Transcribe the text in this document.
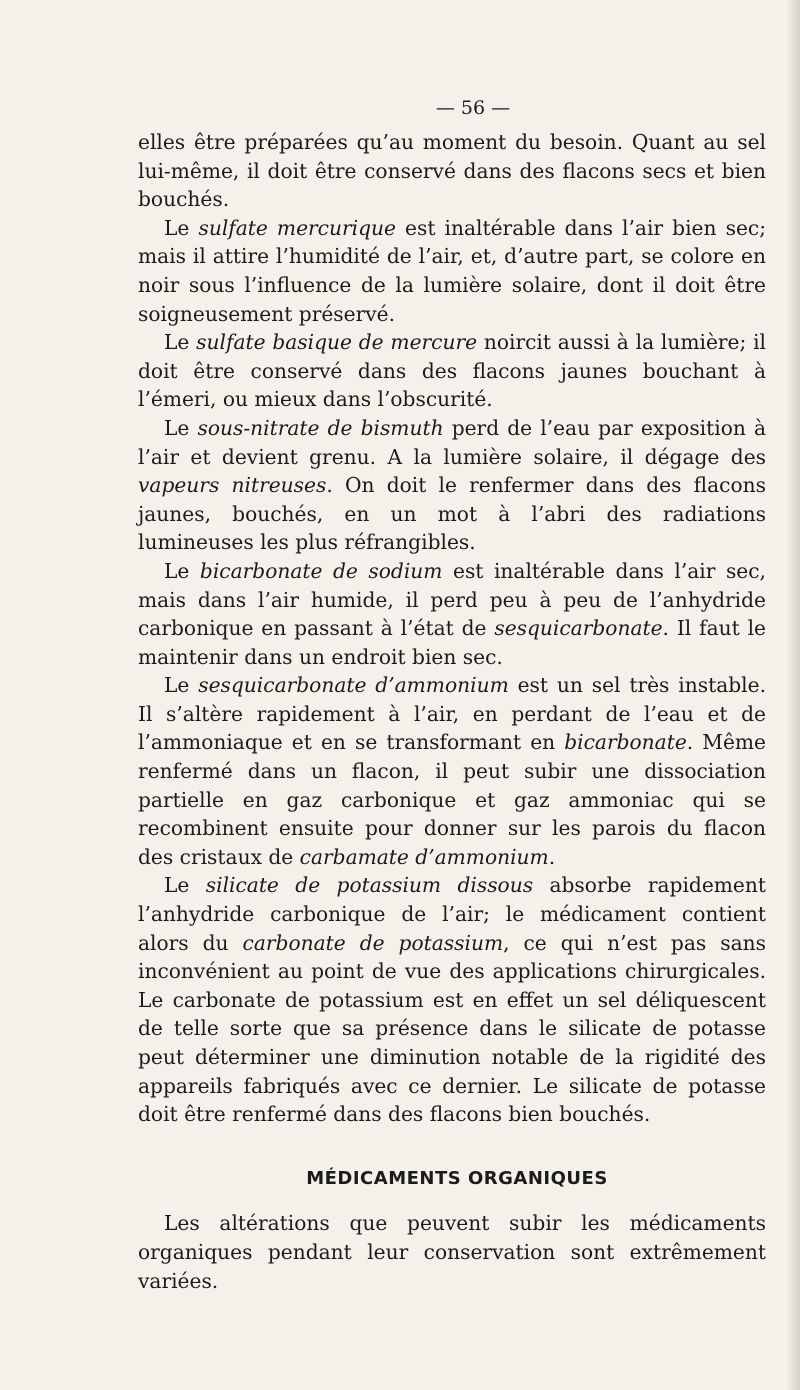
— 56 —

elles être préparées qu’au moment du besoin. Quant au sel lui-même, il doit être conservé dans des flacons secs et bien bouchés.

Le sulfate mercurique est inaltérable dans l’air bien sec; mais il attire l’humidité de l’air, et, d’autre part, se colore en noir sous l’influence de la lumière solaire, dont il doit être soigneusement préservé.

Le sulfate basique de mercure noircit aussi à la lumière; il doit être conservé dans des flacons jaunes bouchant à l’émeri, ou mieux dans l’obscurité.

Le sous-nitrate de bismuth perd de l’eau par exposition à l’air et devient grenu. A la lumière solaire, il dégage des vapeurs nitreuses. On doit le renfermer dans des flacons jaunes, bouchés, en un mot à l’abri des radiations lumineuses les plus réfrangibles.

Le bicarbonate de sodium est inaltérable dans l’air sec, mais dans l’air humide, il perd peu à peu de l’anhydride carbonique en passant à l’état de sesquicarbonate. Il faut le maintenir dans un endroit bien sec.

Le sesquicarbonate d’ammonium est un sel très instable. Il s’altère rapidement à l’air, en perdant de l’eau et de l’ammoniaque et en se transformant en bicarbonate. Même renfermé dans un flacon, il peut subir une dissociation partielle en gaz carbonique et gaz ammoniac qui se recombinent ensuite pour donner sur les parois du flacon des cristaux de carbamate d’ammonium.

Le silicate de potassium dissous absorbe rapidement l’anhydride carbonique de l’air; le médicament contient alors du carbonate de potassium, ce qui n’est pas sans inconvénient au point de vue des applications chirurgicales. Le carbonate de potassium est en effet un sel déliquescent de telle sorte que sa présence dans le silicate de potasse peut déterminer une diminution notable de la rigidité des appareils fabriqués avec ce dernier. Le silicate de potasse doit être renfermé dans des flacons bien bouchés.

MÉDICAMENTS ORGANIQUES

Les altérations que peuvent subir les médicaments organiques pendant leur conservation sont extrêmement variées.
